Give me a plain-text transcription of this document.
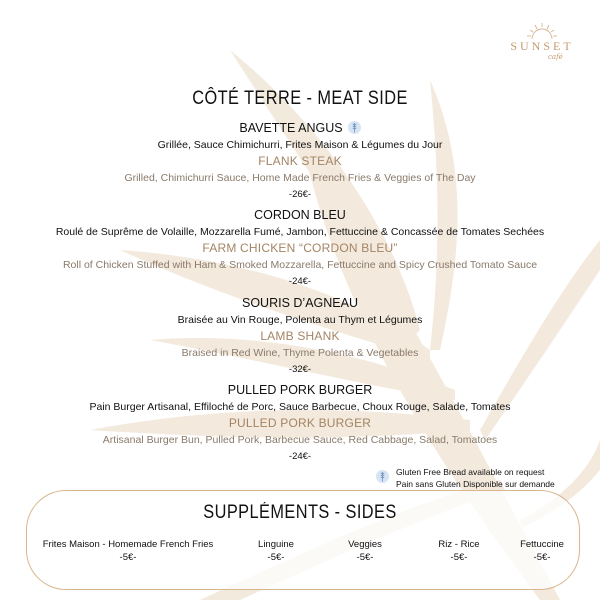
SUNSET
café
CÔTÉ TERRE - MEAT SIDE
BAVETTE ANGUS
Grillée, Sauce Chimichurri, Frites Maison & Légumes du Jour
FLANK STEAK
Grilled, Chimichurri Sauce, Home Made French Fries & Veggies of The Day
-26€-
CORDON BLEU
Roulé de Suprême de Volaille, Mozzarella Fumé, Jambon, Fettuccine & Concassée de Tomates Sechées
FARM CHICKEN “CORDON BLEU”
Roll of Chicken Stuffed with Ham & Smoked Mozzarella, Fettuccine and Spicy Crushed Tomato Sauce
-24€-
SOURIS D’AGNEAU
Braisée au Vin Rouge, Polenta au Thym et Légumes
LAMB SHANK
Braised in Red Wine, Thyme Polenta & Vegetables
-32€-
PULLED PORK BURGER
Pain Burger Artisanal, Effiloché de Porc, Sauce Barbecue, Choux Rouge, Salade, Tomates
PULLED PORK BURGER
Artisanal Burger Bun, Pulled Pork, Barbecue Sauce, Red Cabbage, Salad, Tomatoes
-24€-
Gluten Free Bread available on request
Pain sans Gluten Disponible sur demande
SUPPLÉMENTS - SIDES
Frites Maison - Homemade French Fries
-5€-
Linguine
-5€-
Veggies
-5€-
Riz - Rice
-5€-
Fettuccine
-5€-
